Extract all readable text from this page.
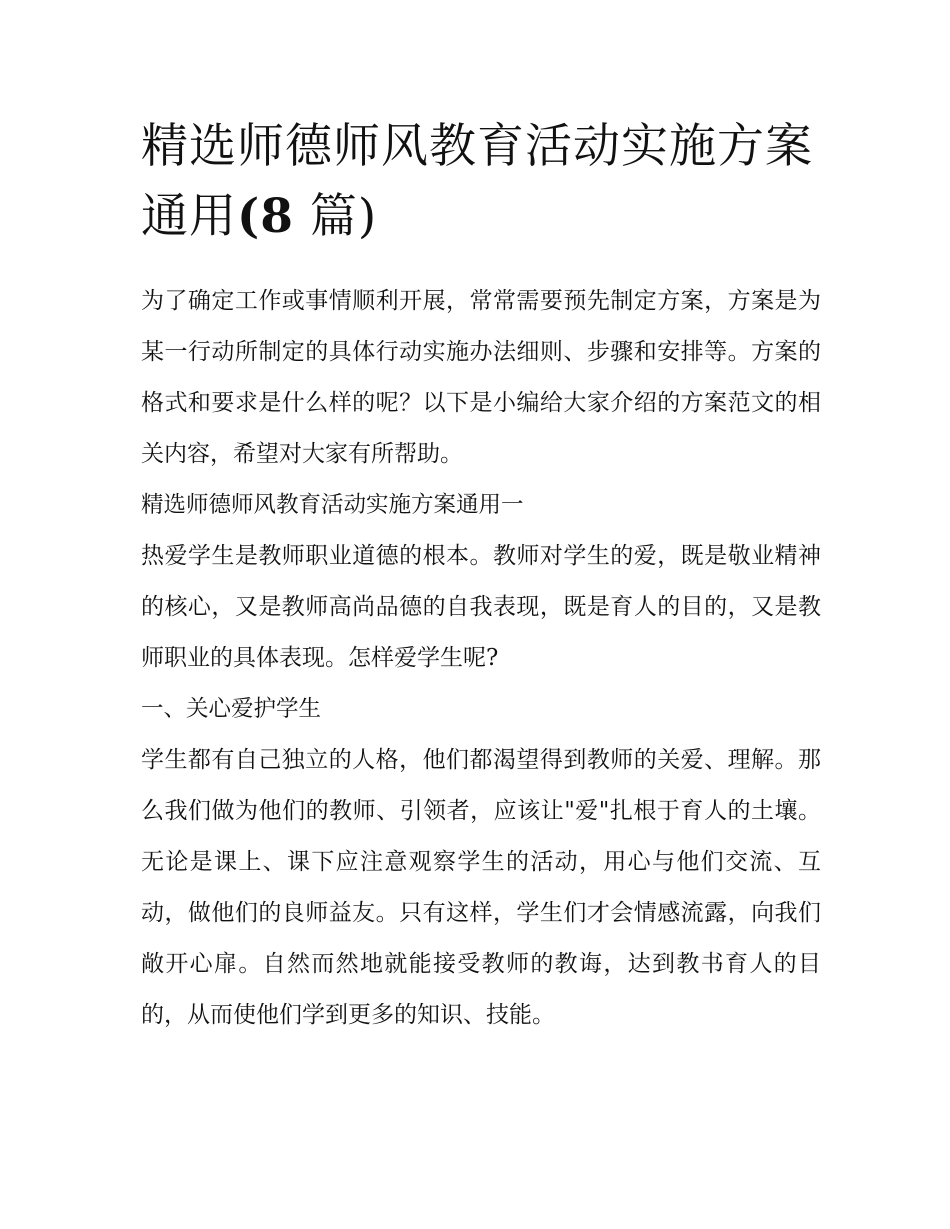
精选师德师风教育活动实施方案通用(8 篇)

为了确定工作或事情顺利开展，常常需要预先制定方案，方案是为某一行动所制定的具体行动实施办法细则、步骤和安排等。方案的格式和要求是什么样的呢？以下是小编给大家介绍的方案范文的相关内容，希望对大家有所帮助。

精选师德师风教育活动实施方案通用一

热爱学生是教师职业道德的根本。教师对学生的爱，既是敬业精神的核心，又是教师高尚品德的自我表现，既是育人的目的，又是教师职业的具体表现。怎样爱学生呢?

一、关心爱护学生

学生都有自己独立的人格，他们都渴望得到教师的关爱、理解。那么我们做为他们的教师、引领者，应该让"爱"扎根于育人的土壤。无论是课上、课下应注意观察学生的活动，用心与他们交流、互动，做他们的良师益友。只有这样，学生们才会情感流露，向我们敞开心扉。自然而然地就能接受教师的教诲，达到教书育人的目的，从而使他们学到更多的知识、技能。
